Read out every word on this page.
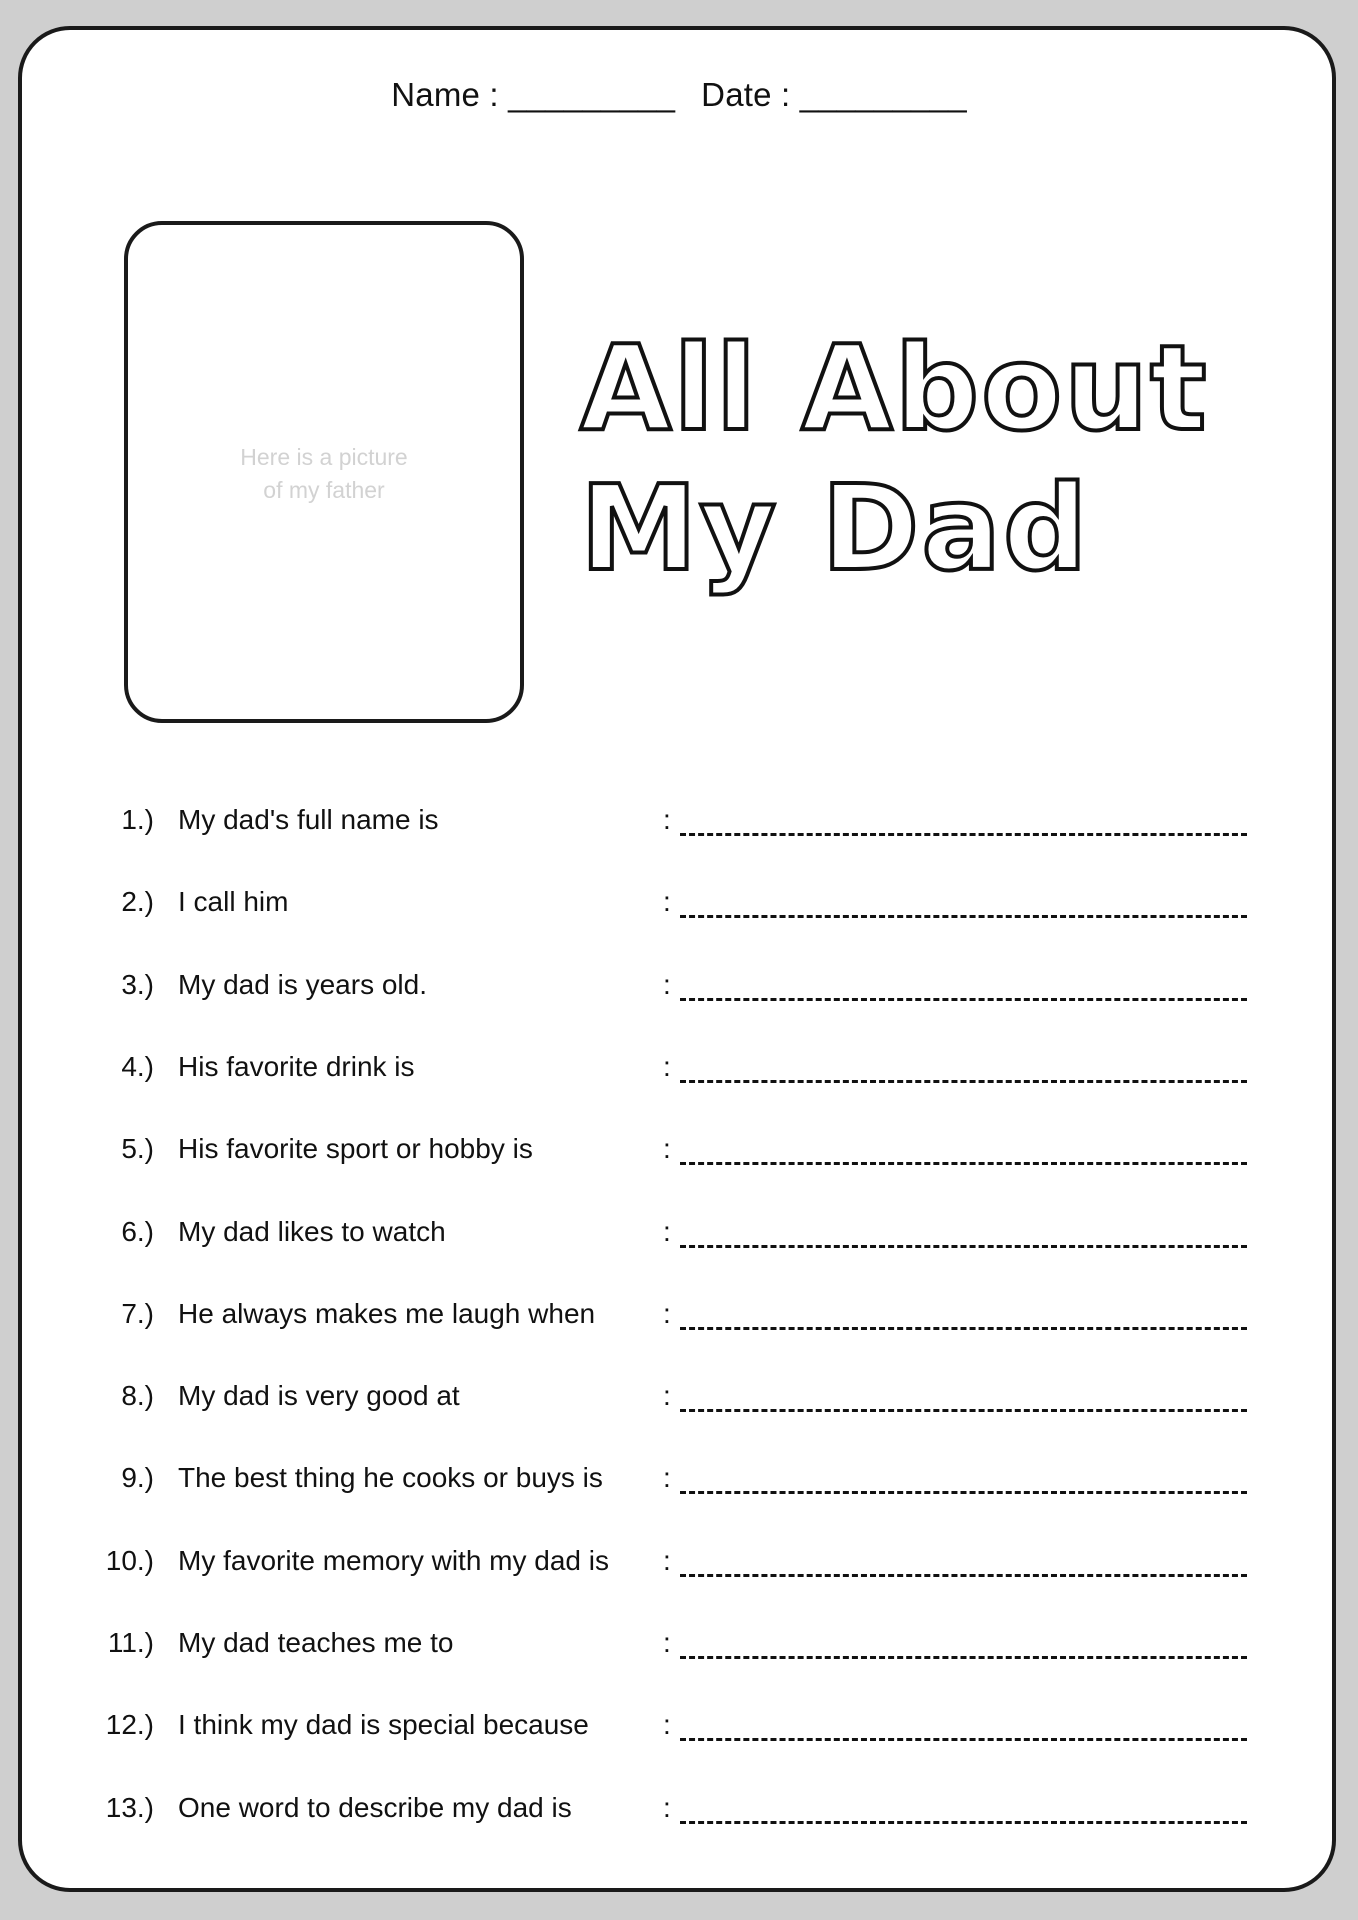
Name : _________ Date : _________
Here is a picture
of my father
All About
My Dad
1.) My dad's full name is	:
2.) I call him	:
3.) My dad is years old.	:
4.) His favorite drink is	:
5.) His favorite sport or hobby is	:
6.) My dad likes to watch	:
7.) He always makes me laugh when :
8.) My dad is very good at	:
9.) The best thing he cooks or buys is :
10.) My favorite memory with my dad is :
11.) My dad teaches me to	:
12.) I think my dad is special because	:
13.) One word to describe my dad is	:
